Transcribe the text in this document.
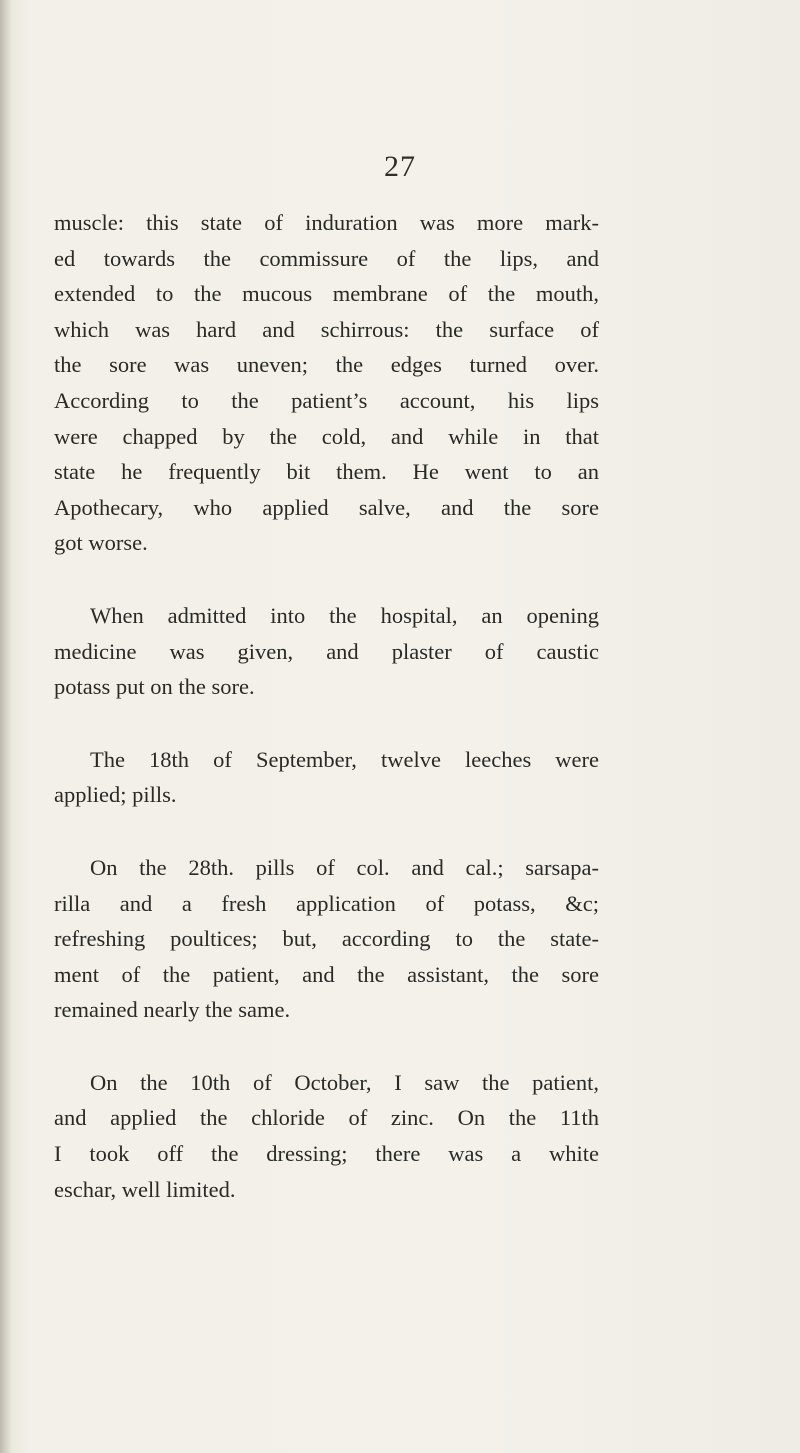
27

muscle: this state of induration was more mark-
ed towards the commissure of the lips, and
extended to the mucous membrane of the mouth,
which was hard and schirrous: the surface of
the sore was uneven; the edges turned over.
According to the patient’s account, his lips
were chapped by the cold, and while in that
state he frequently bit them. He went to an
Apothecary, who applied salve, and the sore
got worse.

When admitted into the hospital, an opening
medicine was given, and plaster of caustic
potass put on the sore.

The 18th of September, twelve leeches were
applied; pills.

On the 28th. pills of col. and cal.; sarsapa-
rilla and a fresh application of potass, &c;
refreshing poultices; but, according to the state-
ment of the patient, and the assistant, the sore
remained nearly the same.

On the 10th of October, I saw the patient,
and applied the chloride of zinc. On the 11th
I took off the dressing; there was a white
eschar, well limited.
